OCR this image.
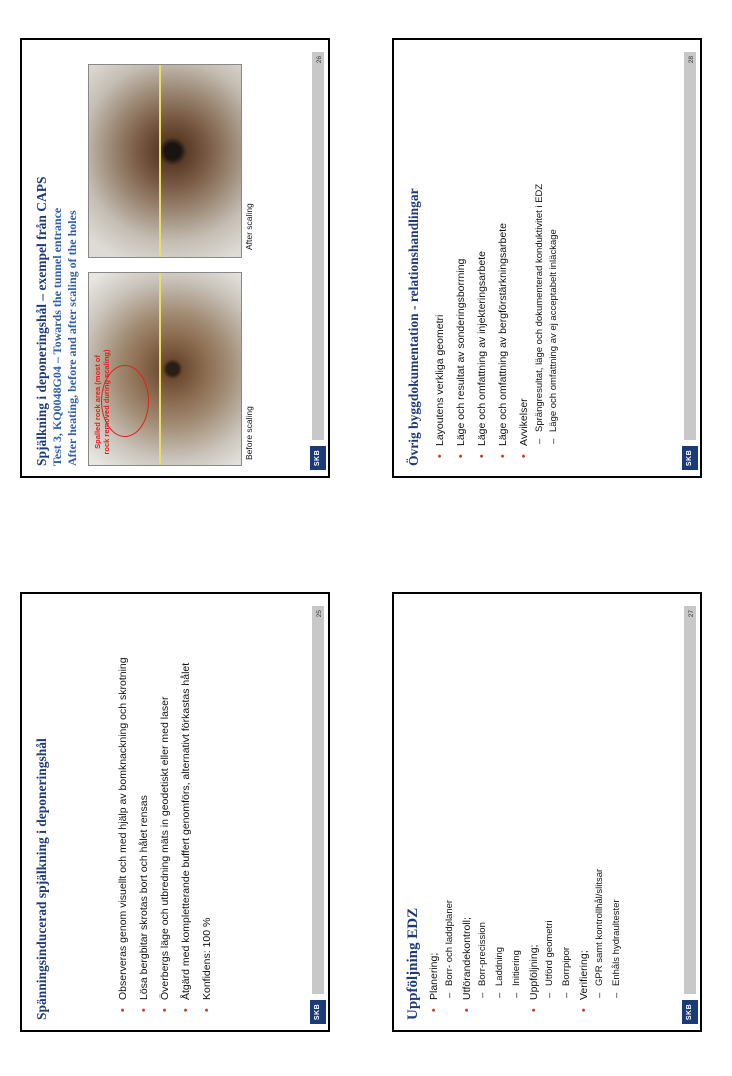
Spänningsinducerad spjälkning i deponeringshål	• Observeras genom visuellt och med hjälp av bomknackning och skrotning • Lösa bergbitar skrotas bort och hålet rensas • Överbergs läge och utbredning mäts in geodetiskt eller med laser • Åtgärd med kompletterande buffert genomförs, alternativt förkastas hålet • Konfidens: 100 %
SKB
25
Spjälkning i deponeringshål – exempel från CAPS
Test 3, KQ0048G04 – Towards the tunnel entrance
After heating, before and after scaling of the holes Spalled rock area (most of rock removed during scaling)	Before scaling
After scaling
SKB
26
Uppföljning EDZ • Planering; – Borr- och laddplaner • Utförandekontroll; – Borr-precission – Laddning – Initiering • Uppföljning; – Utförd geometri – Borrpipor • Verifiering; – GPR samt kontrollhål/slitsar – Enhåls hydraultester
SKB
27
Övrig byggdokumentation - relationshandlingar • Layoutens verkliga geometri • Läge och resultat av sonderingsborrning • Läge och omfattning av injekteringsarbete • Läge och omfattning av bergförstärkningsarbete • Avvikelser – Sprängresultat, läge och dokumenterad konduktivitet i EDZ – Läge och omfattning av ej acceptabelt inläckage
SKB
28
